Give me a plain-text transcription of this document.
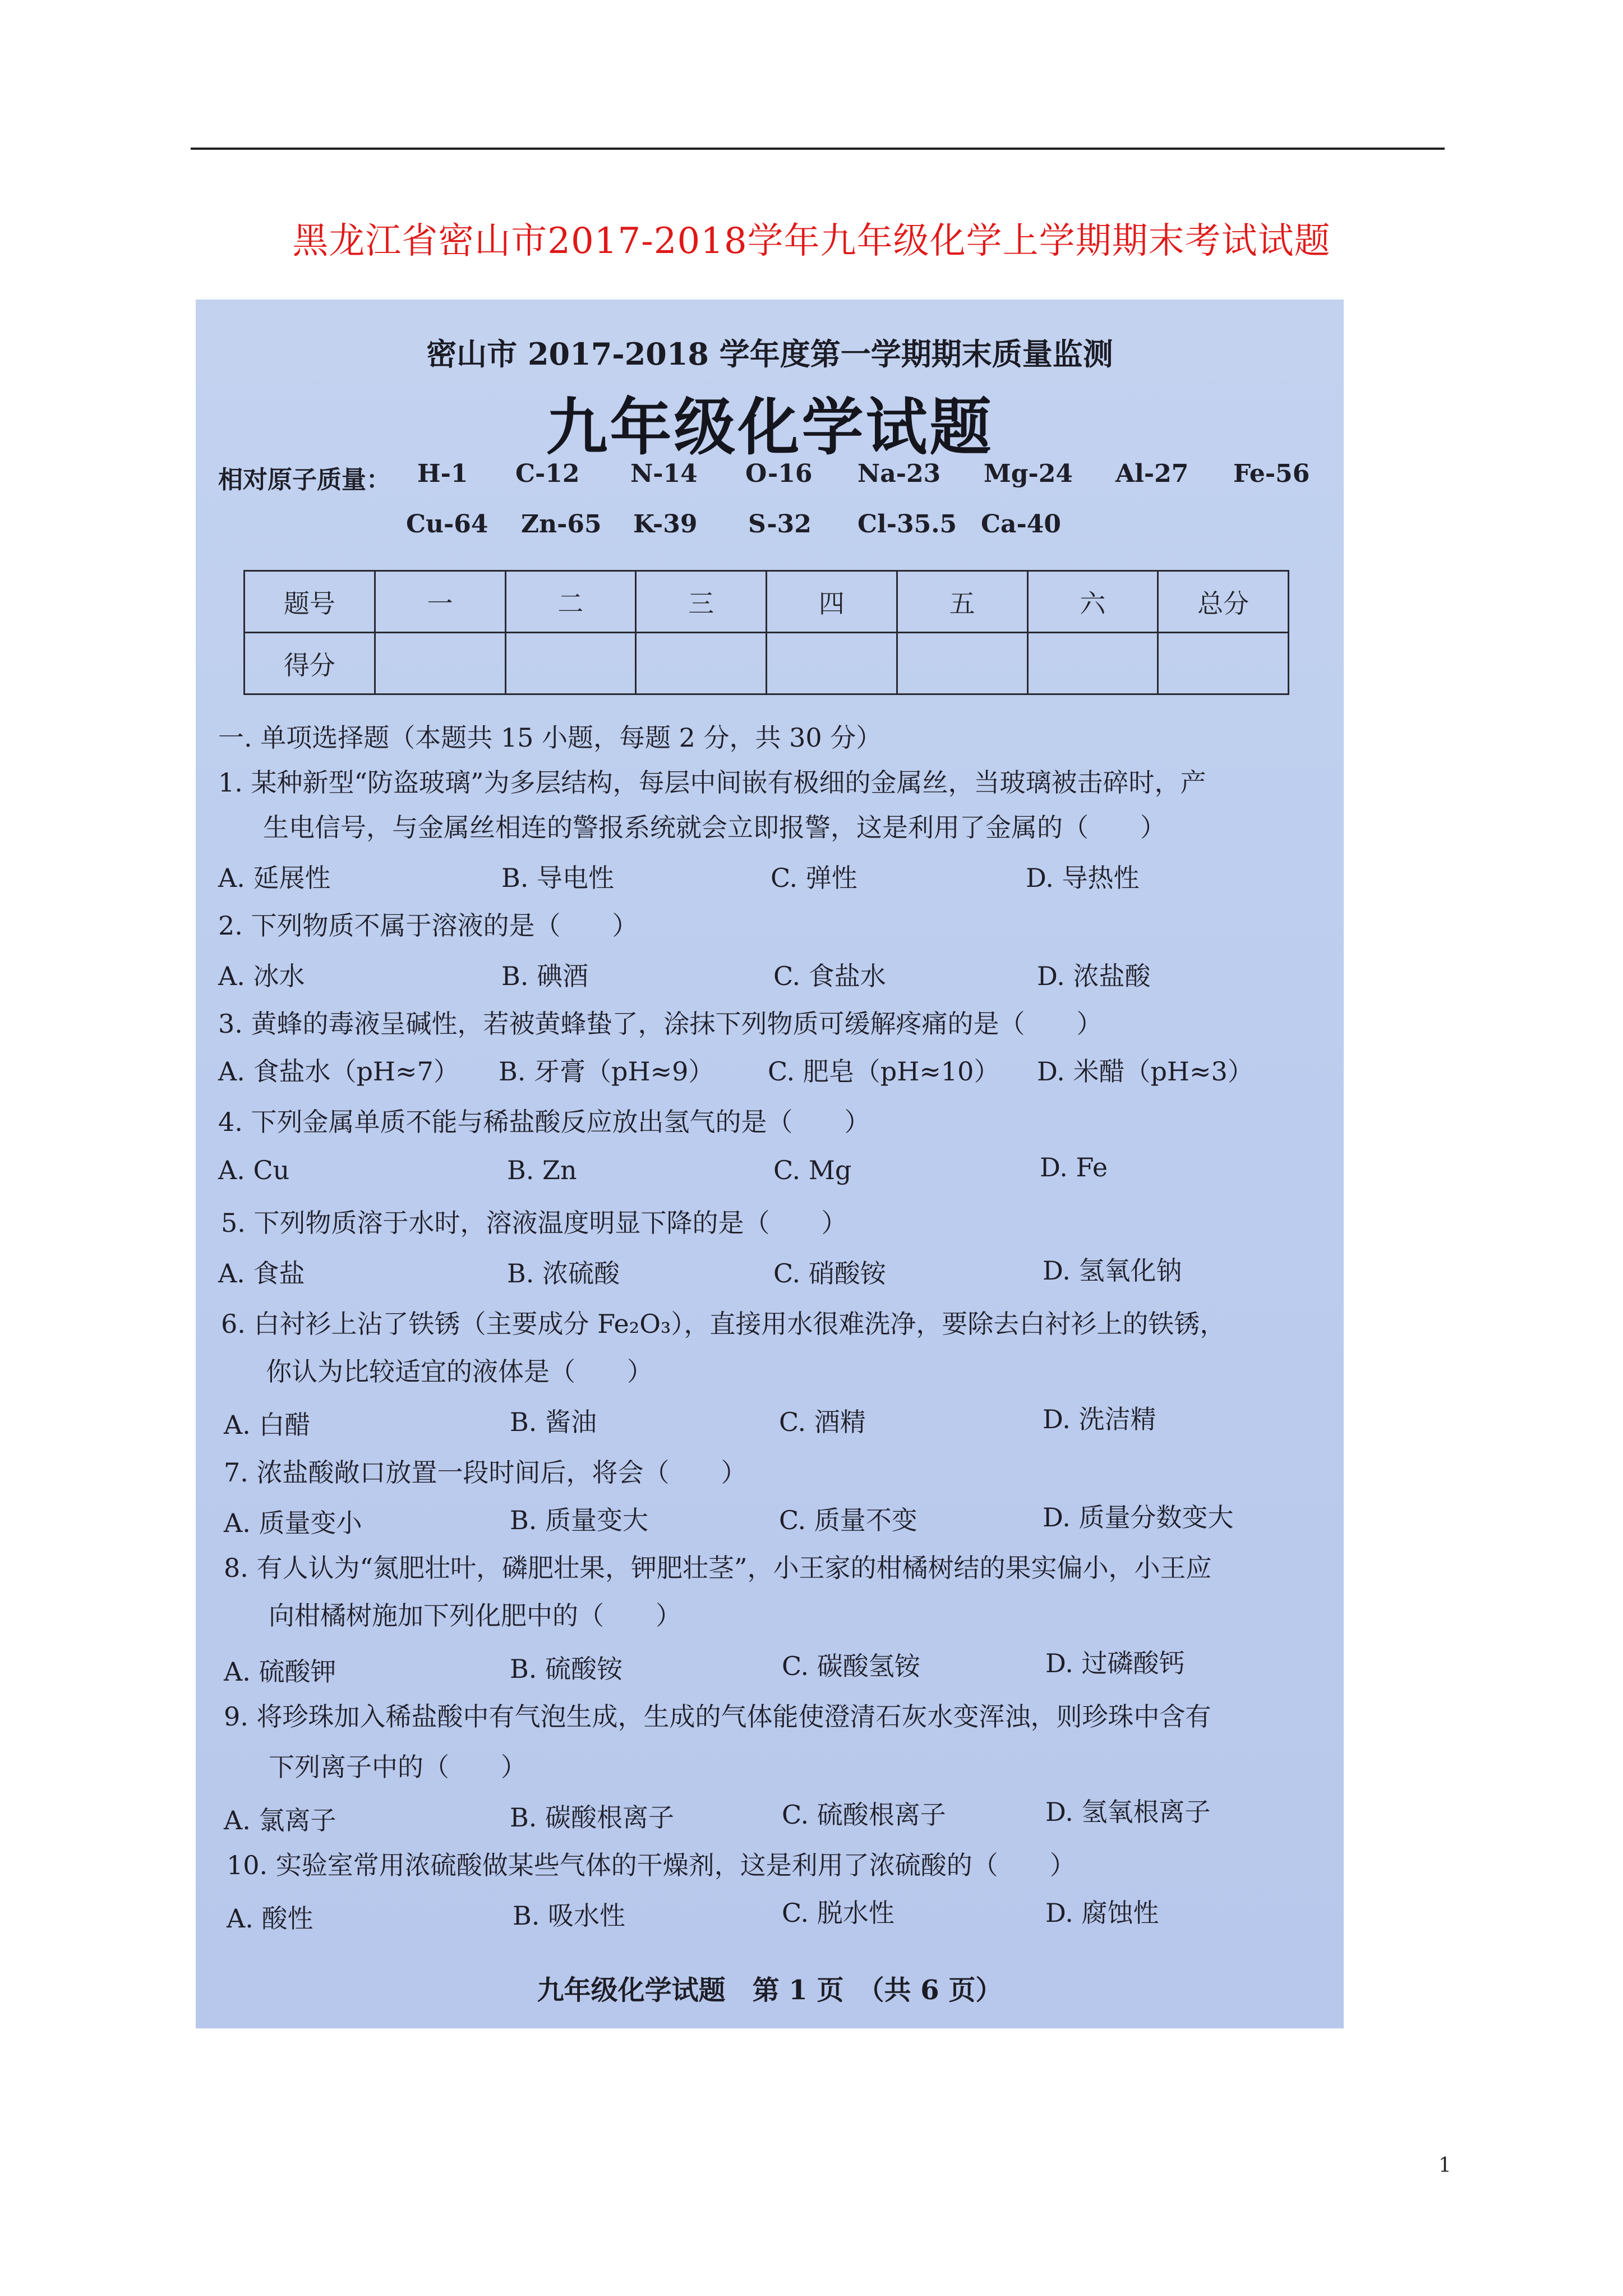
黑龙江省密山市2017-2018学年九年级化学上学期期末考试试题
密山市 2017-2018 学年度第一学期期末质量监测
九年级化学试题
相对原子质量： H-1 C-12 N-14 O-16 Na-23 Mg-24 Al-27 Fe-56
Cu-64 Zn-65 K-39 S-32 Cl-35.5 Ca-40
题号	一	二	三	四	五	六	总分
得分							
一. 单项选择题（本题共 15 小题，每题 2 分，共 30 分）
1. 某种新型“防盗玻璃”为多层结构，每层中间嵌有极细的金属丝，当玻璃被击碎时，产
生电信号，与金属丝相连的警报系统就会立即报警，这是利用了金属的（　　）
A. 延展性	B. 导电性	C. 弹性	D. 导热性
2. 下列物质不属于溶液的是（　　）
A. 冰水	B. 碘酒	C. 食盐水	D. 浓盐酸
3. 黄蜂的毒液呈碱性，若被黄蜂蛰了，涂抹下列物质可缓解疼痛的是（　　）
A. 食盐水（pH≈7） B. 牙膏（pH≈9） C. 肥皂（pH≈10） D. 米醋（pH≈3）
4. 下列金属单质不能与稀盐酸反应放出氢气的是（　　）
A. Cu	B. Zn	C. Mg	D. Fe
5. 下列物质溶于水时，溶液温度明显下降的是（　　）
A. 食盐	B. 浓硫酸	C. 硝酸铵	D. 氢氧化钠
6. 白衬衫上沾了铁锈（主要成分 Fe₂O₃），直接用水很难洗净，要除去白衬衫上的铁锈，
你认为比较适宜的液体是（　　）
A. 白醋	B. 酱油	C. 酒精	D. 洗洁精
7. 浓盐酸敞口放置一段时间后，将会（　　）
A. 质量变小	B. 质量变大	C. 质量不变	D. 质量分数变大
8. 有人认为“氮肥壮叶，磷肥壮果，钾肥壮茎”，小王家的柑橘树结的果实偏小，小王应
向柑橘树施加下列化肥中的（　　）
A. 硫酸钾	B. 硫酸铵	C. 碳酸氢铵	D. 过磷酸钙
9. 将珍珠加入稀盐酸中有气泡生成，生成的气体能使澄清石灰水变浑浊，则珍珠中含有
下列离子中的（　　）
A. 氯离子	B. 碳酸根离子	C. 硫酸根离子	D. 氢氧根离子
10. 实验室常用浓硫酸做某些气体的干燥剂，这是利用了浓硫酸的（　　）
A. 酸性	B. 吸水性	C. 脱水性	D. 腐蚀性
九年级化学试题　第 1 页　（共 6 页）
1
